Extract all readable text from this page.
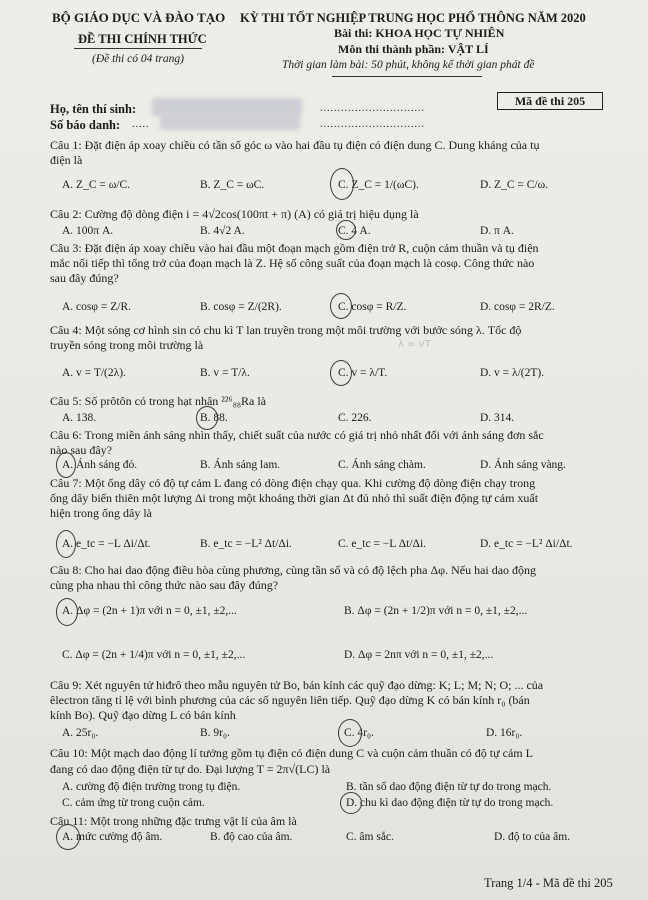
BỘ GIÁO DỤC VÀ ĐÀO TẠO
ĐỀ THI CHÍNH THỨC
(Đề thi có 04 trang)
KỲ THI TỐT NGHIỆP TRUNG HỌC PHỔ THÔNG NĂM 2020
Bài thi: KHOA HỌC TỰ NHIÊN
Môn thi thành phần: VẬT LÍ
Thời gian làm bài: 50 phút, không kể thời gian phát đề
Họ, tên thí sinh:	..............................
Số báo danh: .....	..............................
Mã đề thi 205
Câu 1: Đặt điện áp xoay chiều có tần số góc ω vào hai đầu tụ điện có điện dung C. Dung kháng của tụ
điện là
A. Z_C = ω/C.	B. Z_C = ωC.	C. Z_C = 1/(ωC).	D. Z_C = C/ω.
Câu 2: Cường độ dòng điện i = 4√2cos(100πt + π) (A) có giá trị hiệu dụng là
A. 100π A.	B. 4√2 A.	C. 4 A.	D. π A.
Câu 3: Đặt điện áp xoay chiều vào hai đầu một đoạn mạch gồm điện trở R, cuộn cảm thuần và tụ điện
mắc nối tiếp thì tổng trở của đoạn mạch là Z. Hệ số công suất của đoạn mạch là cosφ. Công thức nào
sau đây đúng?
A. cosφ = Z/R.	B. cosφ = Z/(2R).	C. cosφ = R/Z.	D. cosφ = 2R/Z.
Câu 4: Một sóng cơ hình sin có chu kì T lan truyền trong một môi trường với bước sóng λ. Tốc độ
truyền sóng trong môi trường là	λ = vT
A. v = T/(2λ).	B. v = T/λ.	C. v = λ/T.	D. v = λ/(2T).
Câu 5: Số prôtôn có trong hạt nhân ²²⁶₈₈Ra là
A. 138.	B. 88.	C. 226.	D. 314.
Câu 6: Trong miền ánh sáng nhìn thấy, chiết suất của nước có giá trị nhỏ nhất đối với ánh sáng đơn sắc
nào sau đây?
A. Ánh sáng đỏ.	B. Ánh sáng lam.	C. Ánh sáng chàm.	D. Ánh sáng vàng.
Câu 7: Một ống dây có độ tự cảm L đang có dòng điện chạy qua. Khi cường độ dòng điện chạy trong
ống dây biến thiên một lượng Δi trong một khoảng thời gian Δt đủ nhỏ thì suất điện động tự cảm xuất
hiện trong ống dây là
A. e_tc = −L Δi/Δt.	B. e_tc = −L² Δt/Δi.	C. e_tc = −L Δt/Δi.	D. e_tc = −L² Δi/Δt.
Câu 8: Cho hai dao động điều hòa cùng phương, cùng tần số và có độ lệch pha Δφ. Nếu hai dao động
cùng pha nhau thì công thức nào sau đây đúng?
A. Δφ = (2n + 1)π với n = 0, ±1, ±2,...	B. Δφ = (2n + 1/2)π với n = 0, ±1, ±2,...
C. Δφ = (2n + 1/4)π với n = 0, ±1, ±2,...	D. Δφ = 2nπ với n = 0, ±1, ±2,...
Câu 9: Xét nguyên tử hiđrô theo mẫu nguyên tử Bo, bán kính các quỹ đạo dừng: K; L; M; N; O; ... của
êlectron tăng tỉ lệ với bình phương của các số nguyên liên tiếp. Quỹ đạo dừng K có bán kính r₀ (bán
kính Bo). Quỹ đạo dừng L có bán kính
A. 25r₀.	B. 9r₀.	C. 4r₀.	D. 16r₀.
Câu 10: Một mạch dao động lí tưởng gồm tụ điện có điện dung C và cuộn cảm thuần có độ tự cảm L
đang có dao động điện từ tự do. Đại lượng T = 2π√(LC) là
A. cường độ điện trường trong tụ điện.	B. tần số dao động điện từ tự do trong mạch.
C. cảm ứng từ trong cuộn cảm.	D. chu kì dao động điện từ tự do trong mạch.
Câu 11: Một trong những đặc trưng vật lí của âm là
A. mức cường độ âm.	B. độ cao của âm.	C. âm sắc.	D. độ to của âm.
Trang 1/4 - Mã đề thi 205
